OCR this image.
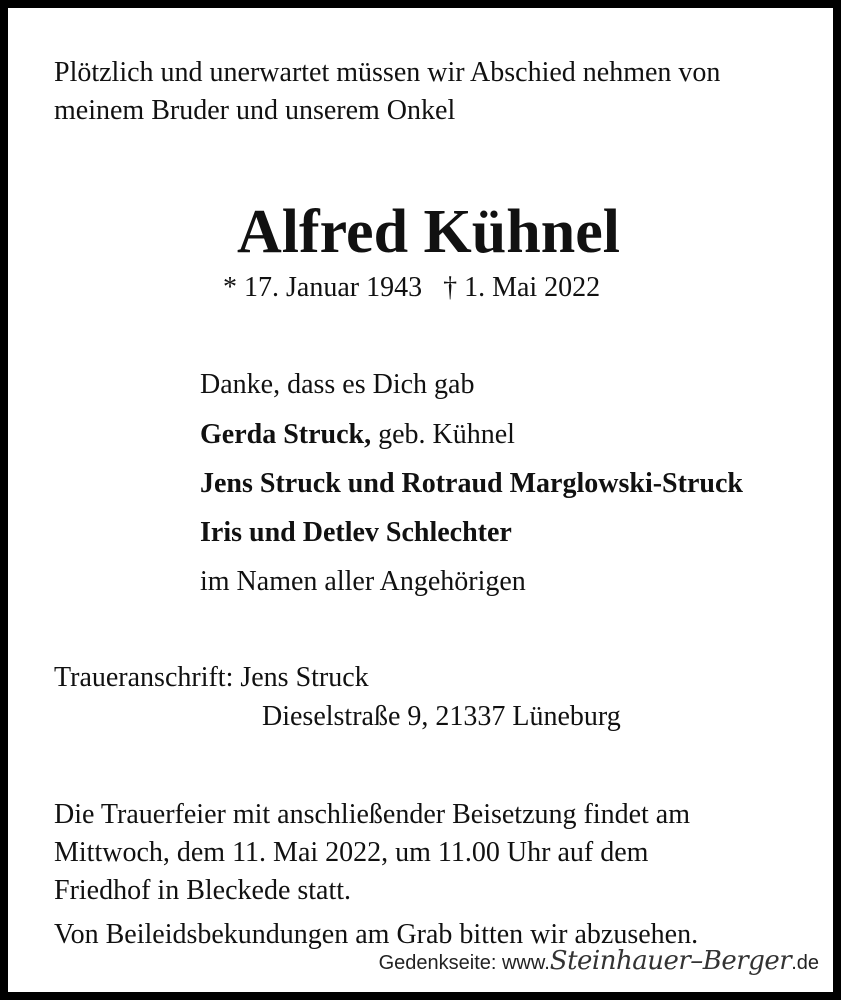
Plötzlich und unerwartet müssen wir Abschied nehmen von
meinem Bruder und unserem Onkel
Alfred Kühnel
* 17. Januar 1943   † 1. Mai 2022
Danke, dass es Dich gab
Gerda Struck, geb. Kühnel
Jens Struck und Rotraud Marglowski-Struck
Iris und Detlev Schlechter
im Namen aller Angehörigen
Traueranschrift: Jens Struck
Dieselstraße 9, 21337 Lüneburg
Die Trauerfeier mit anschließender Beisetzung findet am
Mittwoch, dem 11. Mai 2022, um 11.00 Uhr auf dem
Friedhof in Bleckede statt.
Von Beileidsbekundungen am Grab bitten wir abzusehen.
Gedenkseite: www. Steinhauer–Berger .de
